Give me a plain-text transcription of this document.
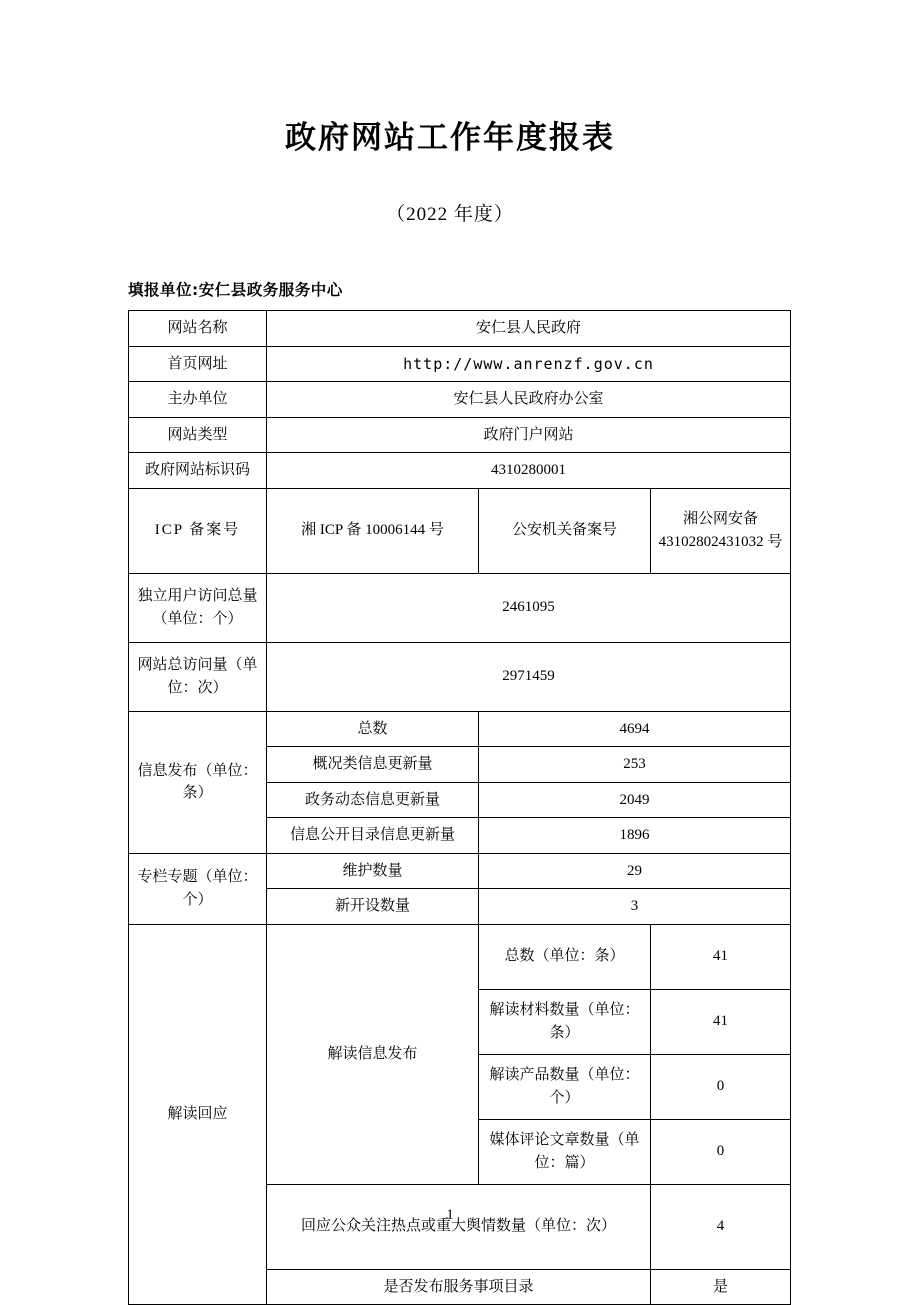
政府网站工作年度报表
（2022 年度）
填报单位:安仁县政务服务中心
网站名称	安仁县人民政府		
首页网址	http://www.anrenzf.gov.cn		
主办单位	安仁县人民政府办公室		
网站类型	政府门户网站		
政府网站标识码	4310280001		
ICP 备案号	湘 ICP 备 10006144 号	公安机关备案号	湘公网安备 43102802431032 号
独立用户访问总量（单位：个）	2461095		
网站总访问量（单位：次）	2971459		
信息发布（单位：条）	总数	4694	
	概况类信息更新量	253	
	政务动态信息更新量	2049	
	信息公开目录信息更新量	1896	
专栏专题（单位：个）	维护数量	29	
	新开设数量	3	
解读回应	解读信息发布	总数（单位：条）	41
		解读材料数量（单位：条）	41
		解读产品数量（单位：个）	0
		媒体评论文章数量（单位：篇）	0
	回应公众关注热点或重大舆情数量（单位：次）		4
	是否发布服务事项目录		是
1
